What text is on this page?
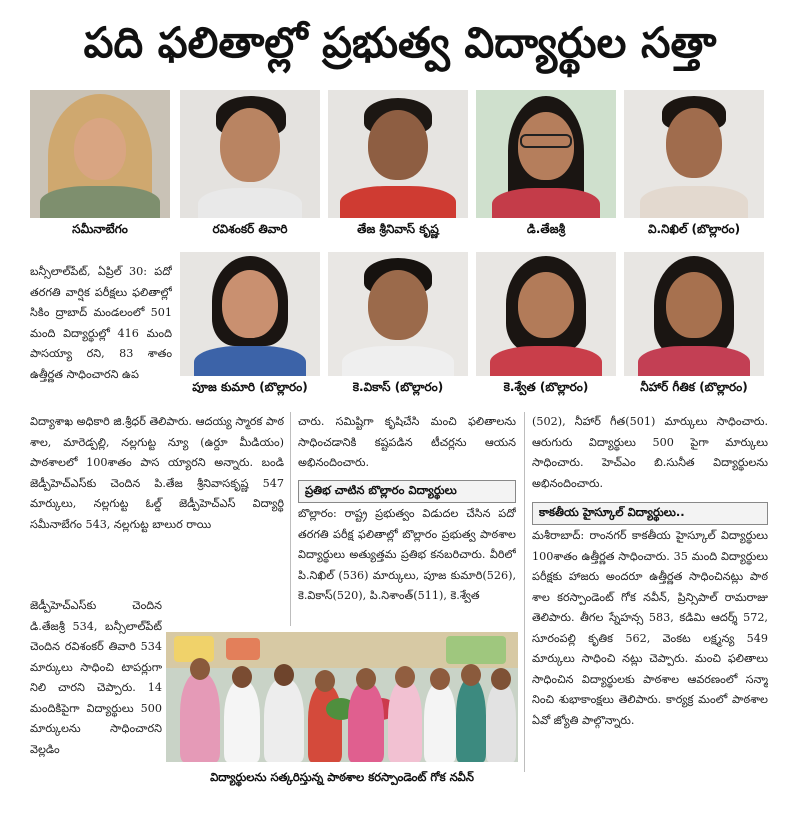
పది ఫలితాల్లో ప్రభుత్వ విద్యార్థుల సత్తా
సమీనాబేగం	రవిశంకర్ తివారి	తేజ శ్రీనివాస్ కృష్ణ	డి.తేజశ్రీ	వి.నిఖిల్ (బొల్లారం)
పూజ కుమారి (బొల్లారం)	కె.వికాస్ (బొల్లారం)	కె.శ్వేత (బొల్లారం)	నీహార్ గీతిక (బొల్లారం)
బన్సీలాల్‌పేట్, ఏప్రిల్ 30: పదో తరగతి వార్షిక పరీక్షలు ఫలితాల్లో సికిం ద్రాబాద్ మండలంలో 501 మంది విద్యార్థుల్లో 416 మంది పాసయ్యా రని, 83 శాతం ఉత్తీర్ణత సాధించారని ఉప
జెడ్పీహెచ్‌ఎస్‌కు చెందిన డి.తేజశ్రీ 534, బన్సీలాల్‌పేట్ చెందిన రవిశంకర్ తివారి 534 మార్కులు సాధించి టాపర్లుగా నిలి చారని చెప్పారు. 14 మందికిపైగా విద్యార్థులు 500 మార్కులను సాధించారని వెల్లడిం
విద్యాశాఖ అధికారి జి.శ్రీధర్ తెలిపారు. ఆదయ్య స్మారక పాఠ శాల, మారెడ్పల్లి, నల్లగుట్ట న్యూ (ఉర్దూ మీడియం) పాఠశాలలో 100శాతం పాస య్యారని అన్నారు. బండి జెడ్పీహెచ్‌ఎస్‌కు చెందిన పి.తేజ శ్రీనివాసకృష్ణ 547 మార్కులు, నల్లగుట్ట ఓల్డ్ జెడ్పీహెచ్‌ఎస్ విద్యార్థి సమీనాబేగం 543, నల్లగుట్ట బాలుర రాయి
చారు. సమిష్టిగా కృషిచేసి మంచి ఫలితాలను సాధించడానికి కష్టపడిన టీచర్లను ఆయన అభినందించారు.
ప్రతిభ చాటిన బొల్లారం విద్యార్థులు
బొల్లారం: రాష్ట్ర ప్రభుత్వం విడుదల చేసిన పదో తరగతి పరీక్ష ఫలితాల్లో బొల్లారం ప్రభుత్వ పాఠశాల విద్యార్థులు అత్యుత్తమ ప్రతిభ కనబరిచారు. వీరిలో పి.నిఖిల్ (536) మార్కులు, పూజ కుమారి(526), కె.వికాస్(520), పి.నిశాంత్(511), కె.శ్వేత
(502), నీహార్ గీత(501) మార్కులు సాధించారు. ఆరుగురు విద్యార్థులు 500 పైగా మార్కులు సాధించారు. హెచ్‌ఎం బి.సునీత విద్యార్థులను అభినందించారు.
కాకతీయ హైస్కూల్ విద్యార్థులు..
మశీరాబాద్: రాంనగర్ కాకతీయ హైస్కూల్ విద్యార్థులు 100శాతం ఉత్తీర్ణత సాధించారు. 35 మంది విద్యార్థులు పరీక్షకు హాజరు అందరూ ఉత్తీర్ణత సాధించినట్లు పాఠ శాల కరస్పాండెంట్ గోక నవీన్, ప్రిన్సిపాల్ రామరాజు తెలిపారు. తీగల స్నేహన్స 583, కడిమి ఆదర్శ్ 572, సూరంపల్లి కృతిక 562, వెంకట లక్ష్మన్య 549 మార్కులు సాధించి నట్లు చెప్పారు. మంచి ఫలితాలు సాధించిన విద్యార్థులకు పాఠశాల ఆవరణంలో సన్మా నించి శుభాకాంక్షలు తెలిపారు. కార్యక్ర మంలో పాఠశాల ఏవో జ్యోతి పాల్గొన్నారు.
విద్యార్థులను సత్కరిస్తున్న పాఠశాల కరస్పాండెంట్ గోక నవీన్
